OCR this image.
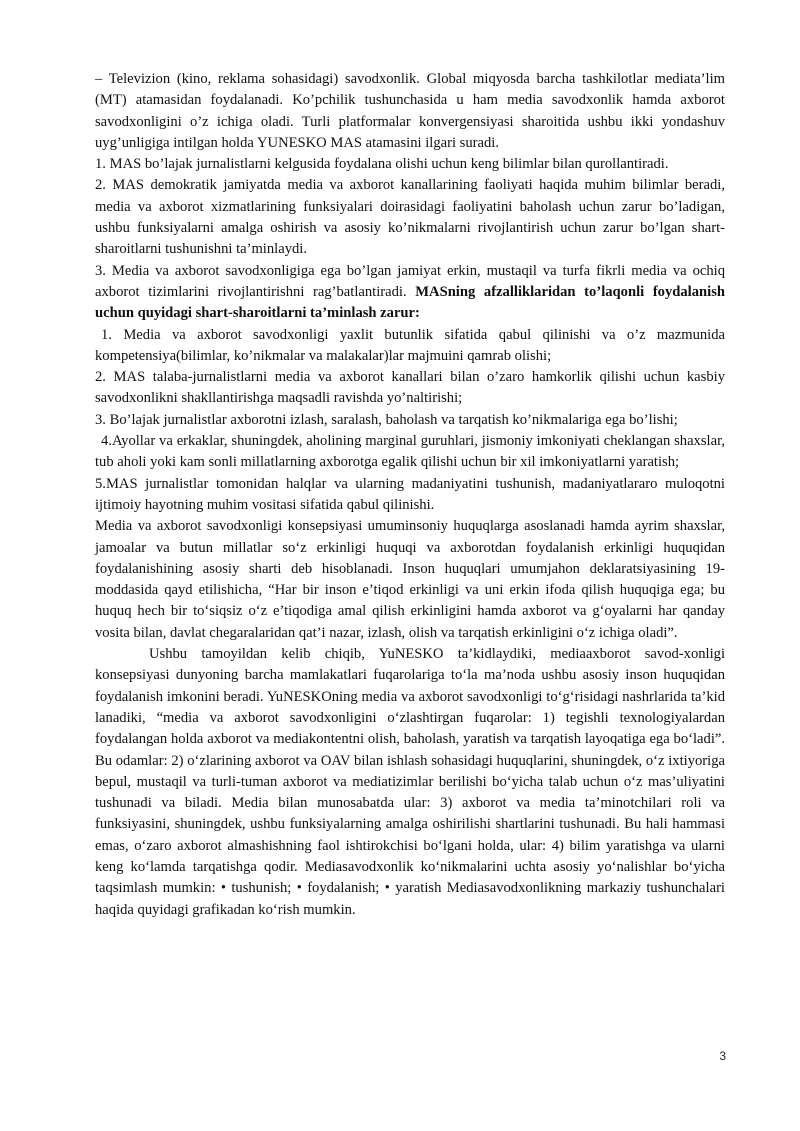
– Televizion (kino, reklama sohasidagi) savodxonlik. Global miqyosda barcha tashkilotlar mediata’lim (MT) atamasidan foydalanadi. Ko’pchilik tushunchasida u ham media savodxonlik hamda axborot savodxonligini o’z ichiga oladi. Turli platformalar konvergensiyasi sharoitida ushbu ikki yondashuv uyg’unligiga intilgan holda YUNESKO MAS atamasini ilgari suradi.

1. MAS bo’lajak jurnalistlarni kelgusida foydalana olishi uchun keng bilimlar bilan qurollantiradi.

2. MAS demokratik jamiyatda media va axborot kanallarining faoliyati haqida muhim bilimlar beradi, media va axborot xizmatlarining funksiyalari doirasidagi faoliyatini baholash uchun zarur bo’ladigan, ushbu funksiyalarni amalga oshirish va asosiy ko’nikmalarni rivojlantirish uchun zarur bo’lgan shart-sharoitlarni tushunishni ta’minlaydi.

3. Media va axborot savodxonligiga ega bo’lgan jamiyat erkin, mustaqil va turfa fikrli media va ochiq axborot tizimlarini rivojlantirishni rag’batlantiradi. MASning afzalliklaridan to’laqonli foydalanish uchun quyidagi shart-sharoitlarni ta’minlash zarur:

1. Media va axborot savodxonligi yaxlit butunlik sifatida qabul qilinishi va o’z mazmunida kompetensiya(bilimlar, ko’nikmalar va malakalar)lar majmuini qamrab olishi;

2. MAS talaba-jurnalistlarni media va axborot kanallari bilan o’zaro hamkorlik qilishi uchun kasbiy savodxonlikni shakllantirishga maqsadli ravishda yo’naltirishi;

3. Bo’lajak jurnalistlar axborotni izlash, saralash, baholash va tarqatish ko’nikmalariga ega bo’lishi;

4.Ayollar va erkaklar, shuningdek, aholining marginal guruhlari, jismoniy imkoniyati cheklangan shaxslar, tub aholi yoki kam sonli millatlarning axborotga egalik qilishi uchun bir xil imkoniyatlarni yaratish;

5.MAS jurnalistlar tomonidan halqlar va ularning madaniyatini tushunish, madaniyatlararo muloqotni ijtimoiy hayotning muhim vositasi sifatida qabul qilinishi.

Media va axborot savodxonligi konsepsiyasi umuminsoniy huquqlarga asoslanadi hamda ayrim shaxslar, jamoalar va butun millatlar so‘z erkinligi huquqi va axborotdan foydalanish erkinligi huquqidan foydalanishining asosiy sharti deb hisoblanadi. Inson huquqlari umumjahon deklaratsiyasining 19-moddasida qayd etilishicha, “Har bir inson e’tiqod erkinligi va uni erkin ifoda qilish huquqiga ega; bu huquq hech bir to‘siqsiz o‘z e’tiqodiga amal qilish erkinligini hamda axborot va g‘oyalarni har qanday vosita bilan, davlat chegaralaridan qat’i nazar, izlash, olish va tarqatish erkinligini o‘z ichiga oladi”.

Ushbu tamoyildan kelib chiqib, YuNESKO ta’kidlaydiki, mediaaxborot savod-xonligi konsepsiyasi dunyoning barcha mamlakatlari fuqarolariga to‘la ma’noda ushbu asosiy inson huquqidan foydalanish imkonini beradi. YuNESKOning media va axborot savodxonligi to‘g‘risidagi nashrlarida ta’kid lanadiki, “media va axborot savodxonligini o‘zlashtirgan fuqarolar: 1) tegishli texnologiyalardan foydalangan holda axborot va mediakontentni olish, baholash, yaratish va tarqatish layoqatiga ega bo‘ladi”. Bu odamlar: 2) o‘zlarining axborot va OAV bilan ishlash sohasidagi huquqlarini, shuningdek, o‘z ixtiyoriga bepul, mustaqil va turli-tuman axborot va mediatizimlar berilishi bo‘yicha talab uchun o‘z mas’uliyatini tushunadi va biladi. Media bilan munosabatda ular: 3) axborot va media ta’minotchilari roli va funksiyasini, shuningdek, ushbu funksiyalarning amalga oshirilishi shartlarini tushunadi. Bu hali hammasi emas, o‘zaro axborot almashishning faol ishtirokchisi bo‘lgani holda, ular: 4) bilim yaratishga va ularni keng ko‘lamda tarqatishga qodir. Mediasavodxonlik ko‘nikmalarini uchta asosiy yo‘nalishlar bo‘yicha taqsimlash mumkin: • tushunish; • foydalanish; • yaratish Mediasavodxonlikning markaziy tushunchalari haqida quyidagi grafikadan ko‘rish mumkin.

3
